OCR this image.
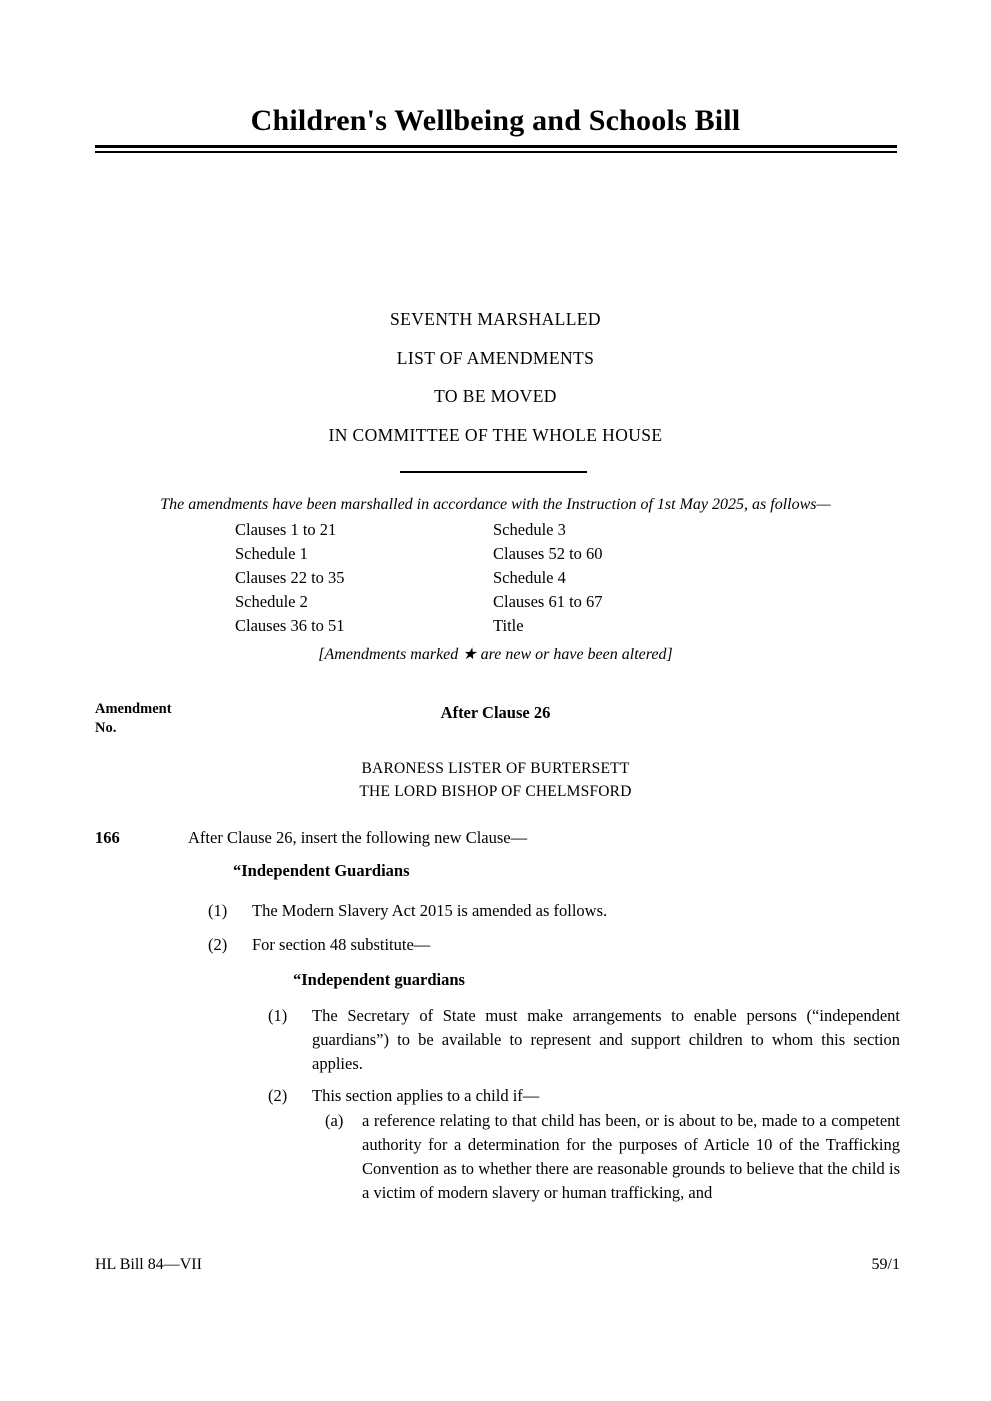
Children's Wellbeing and Schools Bill
SEVENTH MARSHALLED
LIST OF AMENDMENTS
TO BE MOVED
IN COMMITTEE OF THE WHOLE HOUSE
The amendments have been marshalled in accordance with the Instruction of 1st May 2025, as follows—
Clauses 1 to 21
Schedule 1
Clauses 22 to 35
Schedule 2
Clauses 36 to 51
Schedule 3
Clauses 52 to 60
Schedule 4
Clauses 61 to 67
Title
[Amendments marked ★ are new or have been altered]
Amendment
No.
After Clause 26
BARONESS LISTER OF BURTERSETT
THE LORD BISHOP OF CHELMSFORD
166	After Clause 26, insert the following new Clause—
“Independent Guardians
(1) The Modern Slavery Act 2015 is amended as follows.
(2) For section 48 substitute—
“Independent guardians
(1) The Secretary of State must make arrangements to enable persons (“independent guardians”) to be available to represent and support children to whom this section applies.
(2) This section applies to a child if—
(a) a reference relating to that child has been, or is about to be, made to a competent authority for a determination for the purposes of Article 10 of the Trafficking Convention as to whether there are reasonable grounds to believe that the child is a victim of modern slavery or human trafficking, and
HL Bill 84—VII	59/1
